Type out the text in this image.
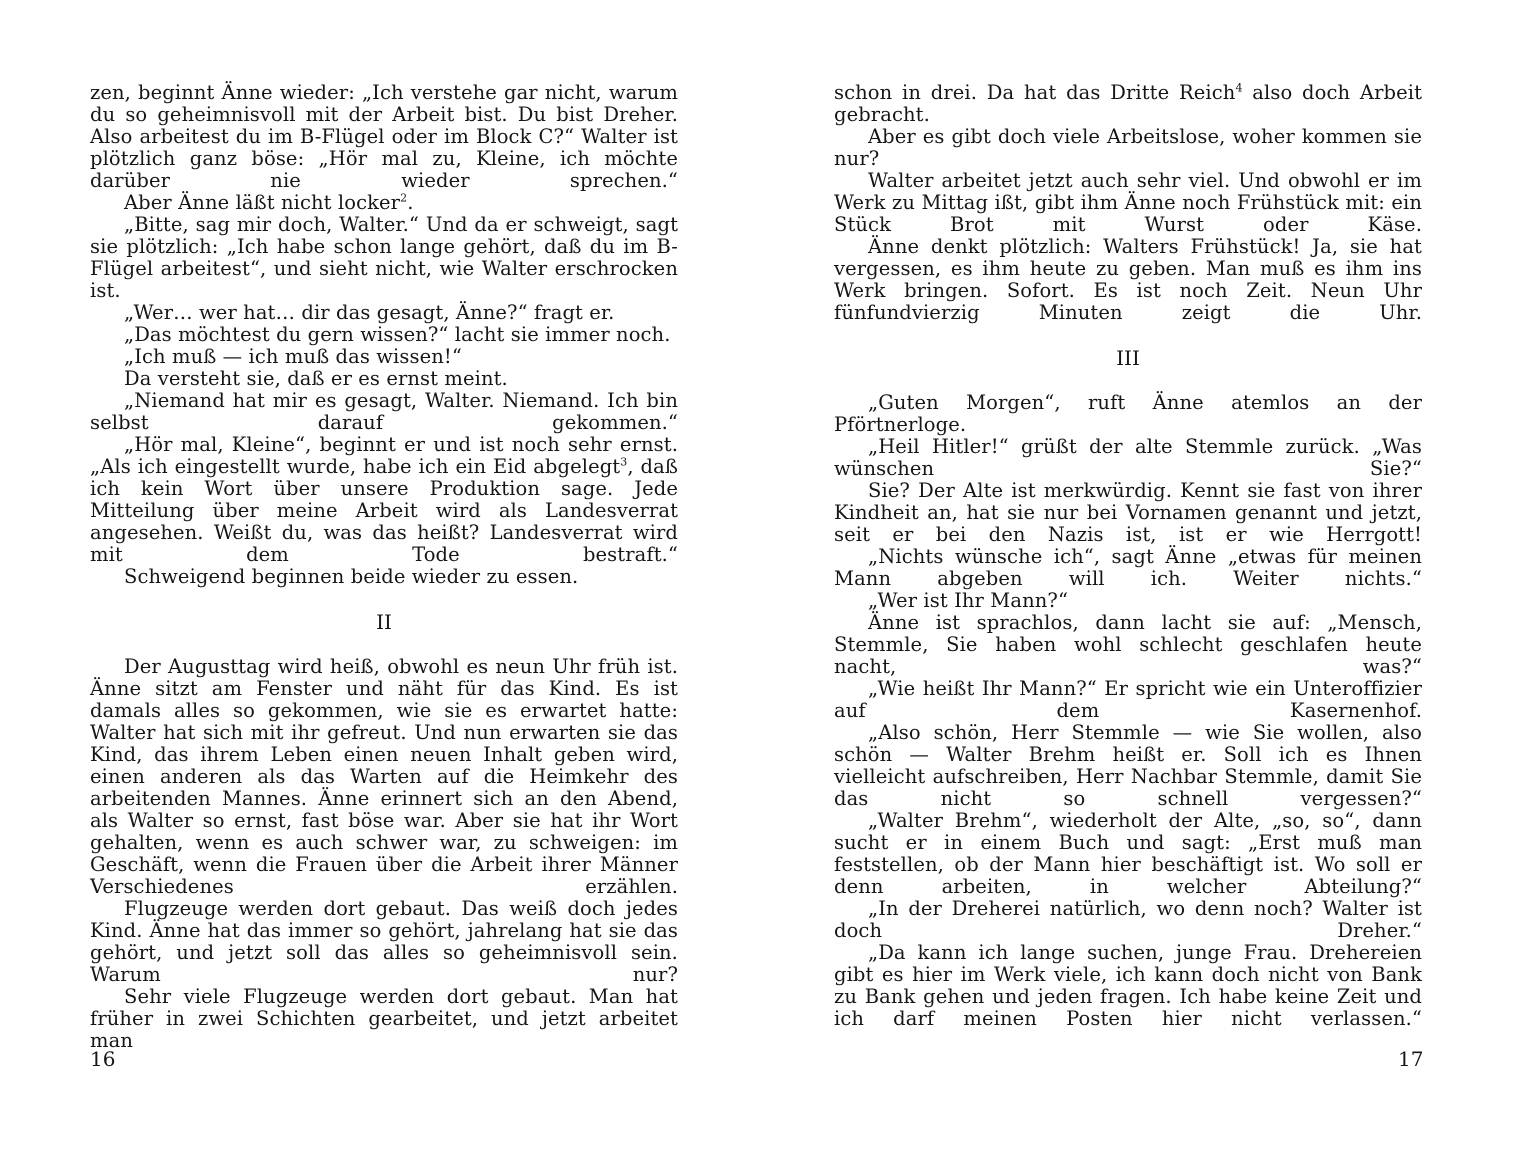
zen, beginnt Änne wieder: „Ich verstehe gar nicht, warum du so geheimnisvoll mit der Arbeit bist. Du bist Dreher. Also arbeitest du im B-Flügel oder im Block C?“ Walter ist plötzlich ganz böse: „Hör mal zu, Kleine, ich möchte darüber nie wieder sprechen.“

Aber Änne läßt nicht locker$^2$.

„Bitte, sag mir doch, Walter.“ Und da er schweigt, sagt sie plötzlich: „Ich habe schon lange gehört, daß du im B-Flügel arbeitest“, und sieht nicht, wie Walter erschrocken ist.

„Wer… wer hat… dir das gesagt, Änne?“ fragt er.

„Das möchtest du gern wissen?“ lacht sie immer noch.

„Ich muß — ich muß das wissen!“

Da versteht sie, daß er es ernst meint.

„Niemand hat mir es gesagt, Walter. Niemand. Ich bin selbst darauf gekommen.“

„Hör mal, Kleine“, beginnt er und ist noch sehr ernst. „Als ich eingestellt wurde, habe ich ein Eid abgelegt$^3$, daß ich kein Wort über unsere Produktion sage. Jede Mitteilung über meine Arbeit wird als Landesverrat angesehen. Weißt du, was das heißt? Landesverrat wird mit dem Tode bestraft.“

Schweigend beginnen beide wieder zu essen.

II

Der Augusttag wird heiß, obwohl es neun Uhr früh ist. Änne sitzt am Fenster und näht für das Kind. Es ist damals alles so gekommen, wie sie es erwartet hatte: Walter hat sich mit ihr gefreut. Und nun erwarten sie das Kind, das ihrem Leben einen neuen Inhalt geben wird, einen anderen als das Warten auf die Heimkehr des arbeitenden Mannes. Änne erinnert sich an den Abend, als Walter so ernst, fast böse war. Aber sie hat ihr Wort gehalten, wenn es auch schwer war, zu schweigen: im Geschäft, wenn die Frauen über die Arbeit ihrer Männer Verschiedenes erzählen.

Flugzeuge werden dort gebaut. Das weiß doch jedes Kind. Änne hat das immer so gehört, jahrelang hat sie das gehört, und jetzt soll das alles so geheimnisvoll sein. Warum nur?

Sehr viele Flugzeuge werden dort gebaut. Man hat früher in zwei Schichten gearbeitet, und jetzt arbeitet man

16

schon in drei. Da hat das Dritte Reich$^4$ also doch Arbeit gebracht.

Aber es gibt doch viele Arbeitslose, woher kommen sie nur?

Walter arbeitet jetzt auch sehr viel. Und obwohl er im Werk zu Mittag ißt, gibt ihm Änne noch Frühstück mit: ein Stück Brot mit Wurst oder Käse.

Änne denkt plötzlich: Walters Frühstück! Ja, sie hat vergessen, es ihm heute zu geben. Man muß es ihm ins Werk bringen. Sofort. Es ist noch Zeit. Neun Uhr fünfundvierzig Minuten zeigt die Uhr.

III

„Guten Morgen“, ruft Änne atemlos an der Pförtnerloge.

„Heil Hitler!“ grüßt der alte Stemmle zurück. „Was wünschen Sie?“

Sie? Der Alte ist merkwürdig. Kennt sie fast von ihrer Kindheit an, hat sie nur bei Vornamen genannt und jetzt, seit er bei den Nazis ist, ist er wie Herrgott!

„Nichts wünsche ich“, sagt Änne „etwas für meinen Mann abgeben will ich. Weiter nichts.“

„Wer ist Ihr Mann?“

Änne ist sprachlos, dann lacht sie auf: „Mensch, Stemmle, Sie haben wohl schlecht geschlafen heute nacht, was?“

„Wie heißt Ihr Mann?“ Er spricht wie ein Unteroffizier auf dem Kasernenhof.

„Also schön, Herr Stemmle — wie Sie wollen, also schön — Walter Brehm heißt er. Soll ich es Ihnen vielleicht aufschreiben, Herr Nachbar Stemmle, damit Sie das nicht so schnell vergessen?“

„Walter Brehm“, wiederholt der Alte, „so, so“, dann sucht er in einem Buch und sagt: „Erst muß man feststellen, ob der Mann hier beschäftigt ist. Wo soll er denn arbeiten, in welcher Abteilung?“

„In der Dreherei natürlich, wo denn noch? Walter ist doch Dreher.“

„Da kann ich lange suchen, junge Frau. Drehereien gibt es hier im Werk viele, ich kann doch nicht von Bank zu Bank gehen und jeden fragen. Ich habe keine Zeit und ich darf meinen Posten hier nicht verlassen.“

17
